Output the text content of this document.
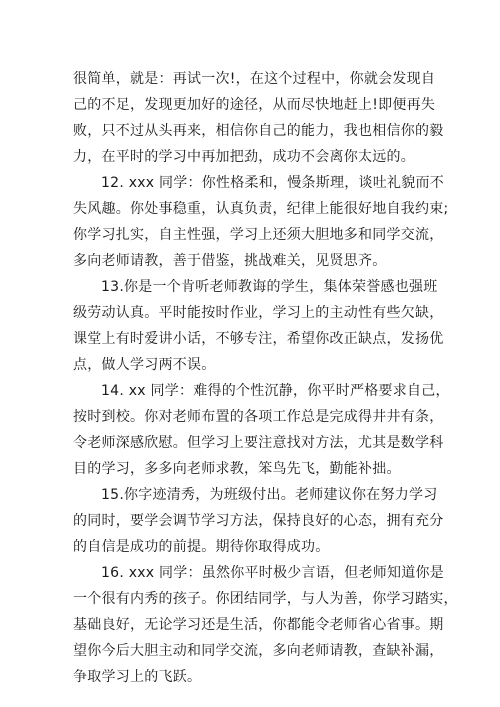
很简单，就是：再试一次!，在这个过程中，你就会发现自
己的不足，发现更加好的途径，从而尽快地赶上!即便再失
败，只不过从头再来，相信你自己的能力，我也相信你的毅
力，在平时的学习中再加把劲，成功不会离你太远的。
12. xxx 同学：你性格柔和，慢条斯理，谈吐礼貌而不
失风趣。你处事稳重，认真负责，纪律上能很好地自我约束;
你学习扎实，自主性强，学习上还须大胆地多和同学交流，
多向老师请教，善于借鉴，挑战难关，见贤思齐。
13.你是一个肯听老师教诲的学生，集体荣誉感也强班
级劳动认真。平时能按时作业，学习上的主动性有些欠缺，
课堂上有时爱讲小话，不够专注，希望你改正缺点，发扬优
点，做人学习两不误。
14. xx 同学：难得的个性沉静，你平时严格要求自己，
按时到校。你对老师布置的各项工作总是完成得井井有条，
令老师深感欣慰。但学习上要注意找对方法，尤其是数学科
目的学习，多多向老师求教，笨鸟先飞，勤能补拙。
15.你字迹清秀，为班级付出。老师建议你在努力学习
的同时，要学会调节学习方法，保持良好的心态，拥有充分
的自信是成功的前提。期待你取得成功。
16. xxx 同学：虽然你平时极少言语，但老师知道你是
一个很有内秀的孩子。你团结同学，与人为善，你学习踏实，
基础良好，无论学习还是生活，你都能令老师省心省事。期
望你今后大胆主动和同学交流，多向老师请教，查缺补漏，
争取学习上的飞跃。
